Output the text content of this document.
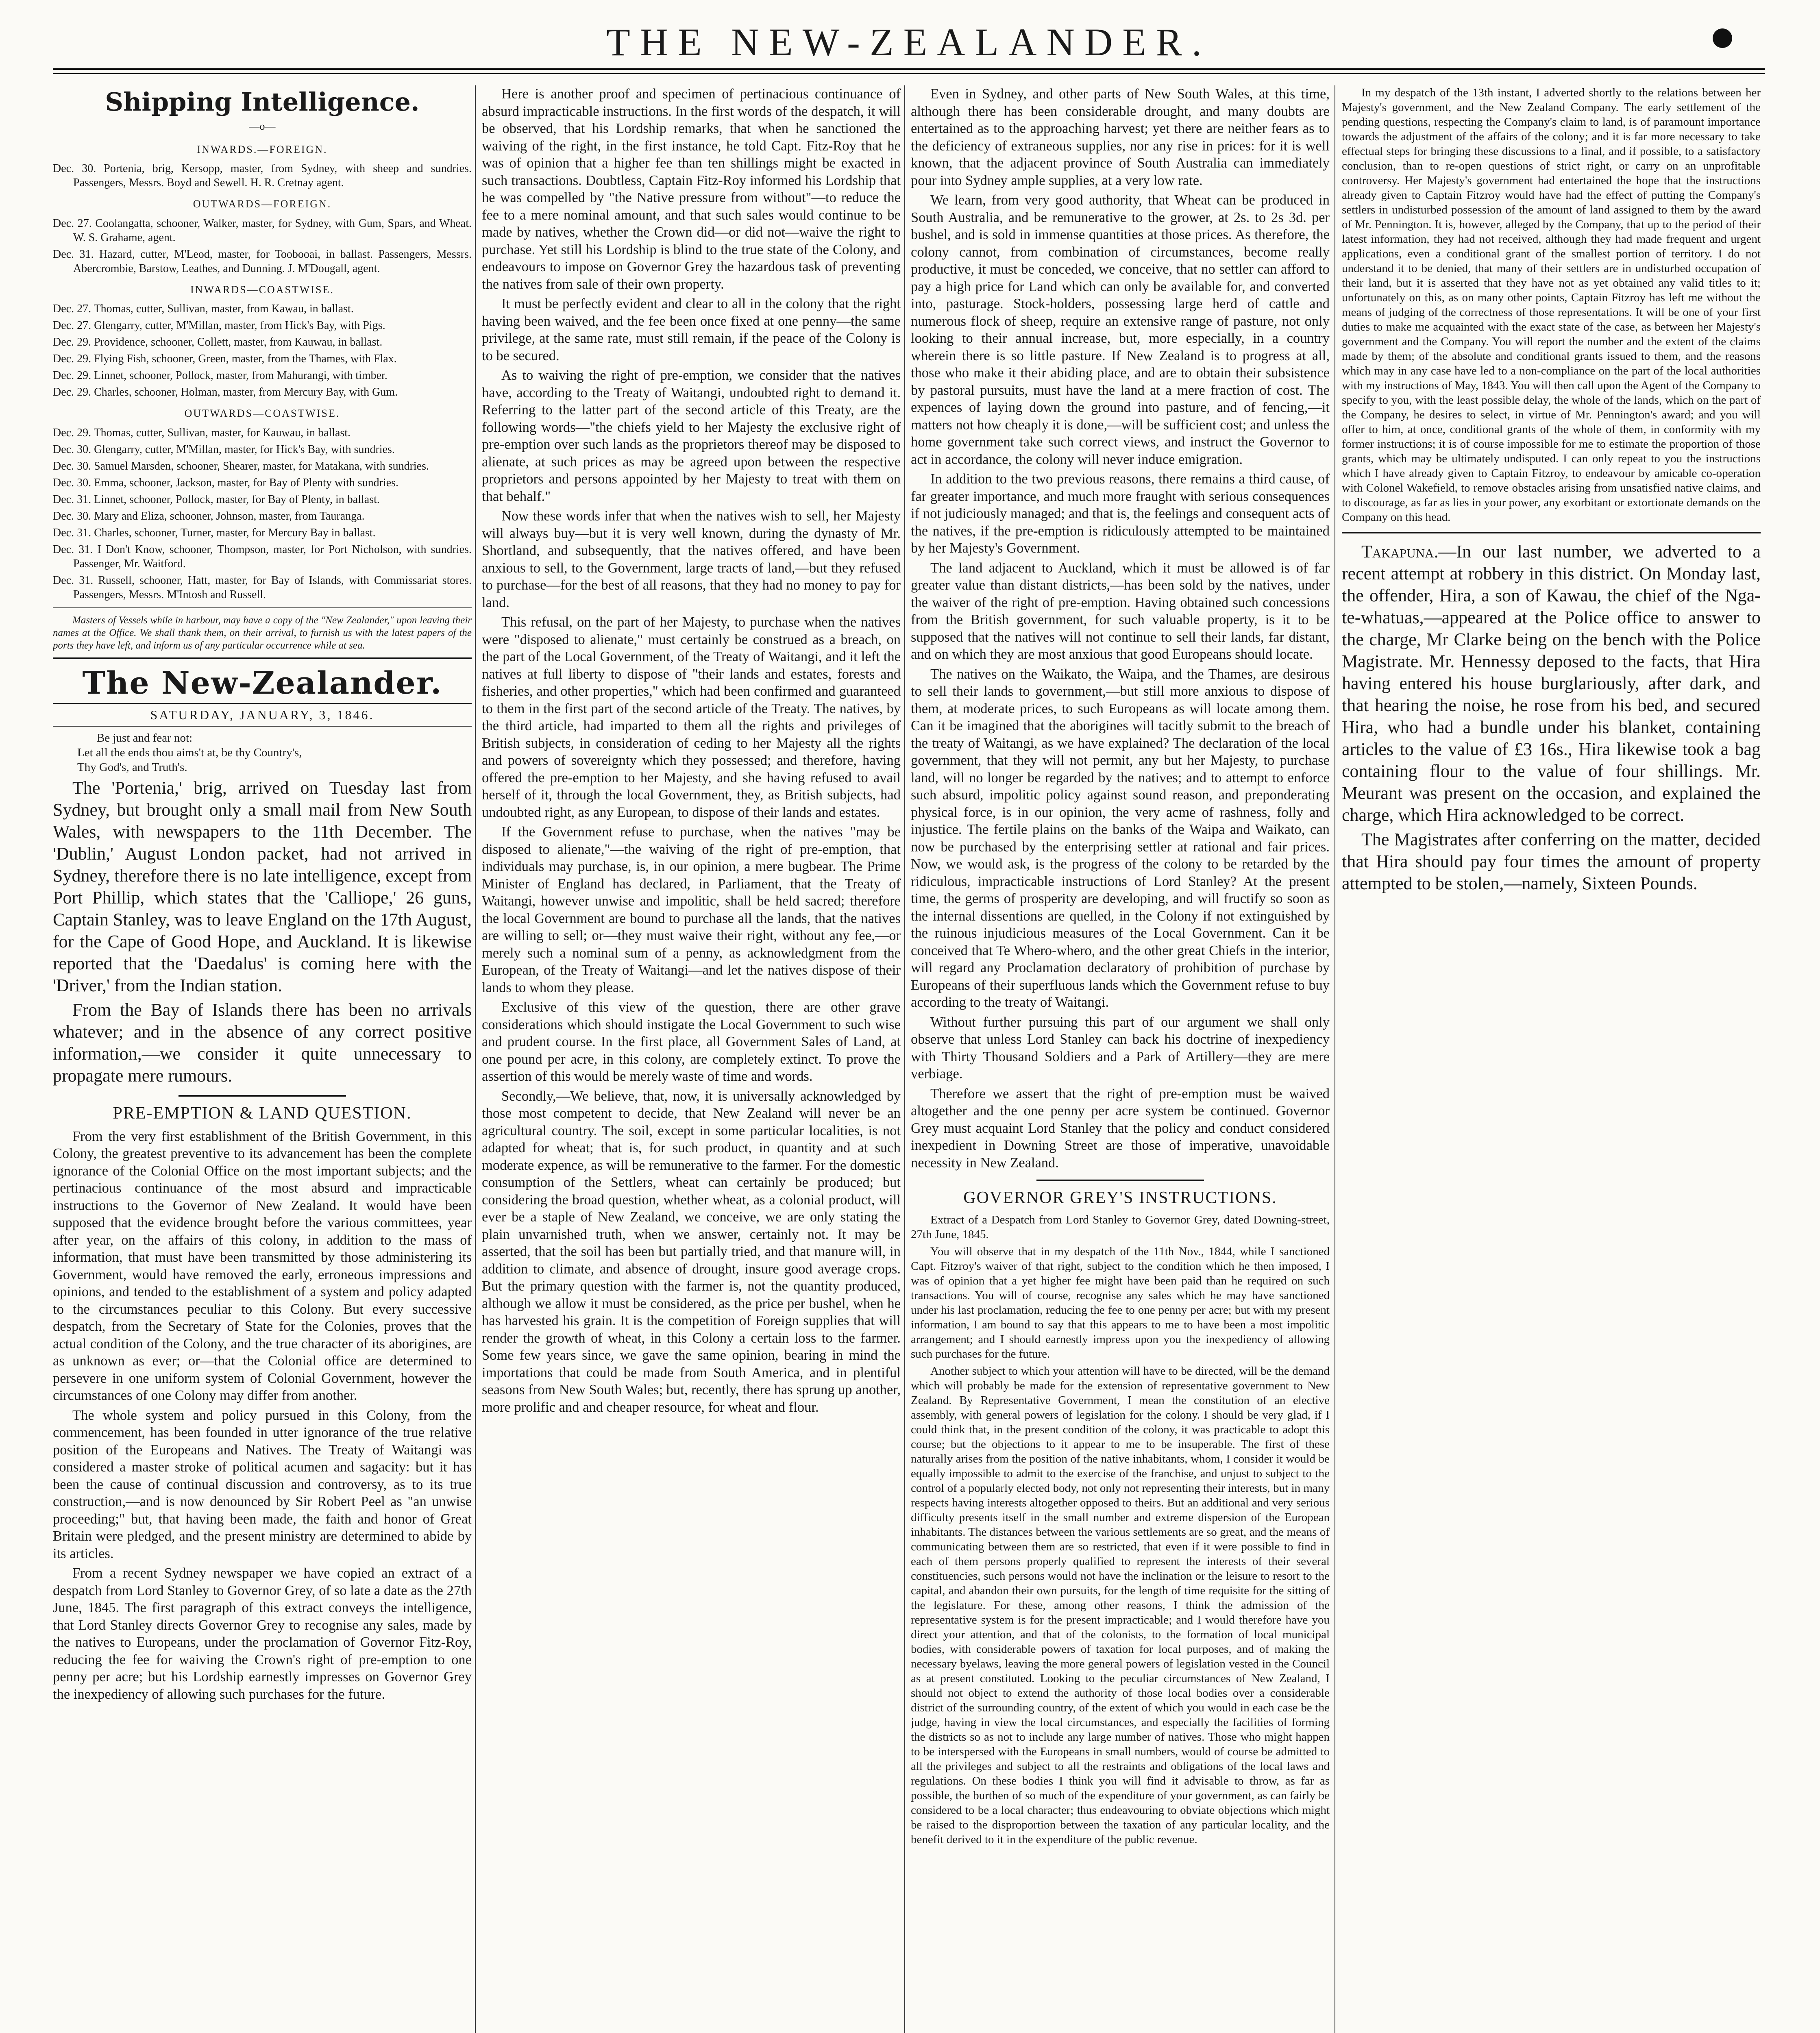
THE NEW-ZEALANDER.
Shipping Intelligence.
—o—
INWARDS.—FOREIGN.
Dec. 30. Portenia, brig, Kersopp, master, from Sydney, with sheep and sundries. Passengers, Messrs. Boyd and Sewell. H. R. Cretnay agent.
OUTWARDS—FOREIGN.
Dec. 27. Coolangatta, schooner, Walker, master, for Sydney, with Gum, Spars, and Wheat. W. S. Grahame, agent.
Dec. 31. Hazard, cutter, M'Leod, master, for Toobooai, in ballast. Passengers, Messrs. Abercrombie, Barstow, Leathes, and Dunning. J. M'Dougall, agent.
INWARDS—COASTWISE.
Dec. 27. Thomas, cutter, Sullivan, master, from Kawau, in ballast.
Dec. 27. Glengarry, cutter, M'Millan, master, from Hick's Bay, with Pigs.
Dec. 29. Providence, schooner, Collett, master, from Kauwau, in ballast.
Dec. 29. Flying Fish, schooner, Green, master, from the Thames, with Flax.
Dec. 29. Linnet, schooner, Pollock, master, from Mahurangi, with timber.
Dec. 29. Charles, schooner, Holman, master, from Mercury Bay, with Gum.
OUTWARDS—COASTWISE.
Dec. 29. Thomas, cutter, Sullivan, master, for Kauwau, in ballast.
Dec. 30. Glengarry, cutter, M'Millan, master, for Hick's Bay, with sundries.
Dec. 30. Samuel Marsden, schooner, Shearer, master, for Matakana, with sundries.
Dec. 30. Emma, schooner, Jackson, master, for Bay of Plenty with sundries.
Dec. 31. Linnet, schooner, Pollock, master, for Bay of Plenty, in ballast.
Dec. 30. Mary and Eliza, schooner, Johnson, master, from Tauranga.
Dec. 31. Charles, schooner, Turner, master, for Mercury Bay in ballast.
Dec. 31. I Don't Know, schooner, Thompson, master, for Port Nicholson, with sundries. Passenger, Mr. Waitford.
Dec. 31. Russell, schooner, Hatt, master, for Bay of Islands, with Commissariat stores. Passengers, Messrs. M'Intosh and Russell.

Masters of Vessels while in harbour, may have a copy of the "New Zealander," upon leaving their names at the Office. We shall thank them, on their arrival, to furnish us with the latest papers of the ports they have left, and inform us of any particular occurrence while at sea.

The New-Zealander.
SATURDAY, JANUARY, 3, 1846.

Be just and fear not:
Let all the ends thou aims't at, be thy Country's,
Thy God's, and Truth's.

The 'Portenia,' brig, arrived on Tuesday last from Sydney, but brought only a small mail from New South Wales, with newspapers to the 11th December. The 'Dublin,' August London packet, had not arrived in Sydney, therefore there is no late intelligence, except from Port Phillip, which states that the 'Calliope,' 26 guns, Captain Stanley, was to leave England on the 17th August, for the Cape of Good Hope, and Auckland. It is likewise reported that the 'Daedalus' is coming here with the 'Driver,' from the Indian station.

From the Bay of Islands there has been no arrivals whatever; and in the absence of any correct positive information,—we consider it quite unnecessary to propagate mere rumours.

PRE-EMPTION & LAND QUESTION.

From the very first establishment of the British Government, in this Colony, the greatest preventive to its advancement has been the complete ignorance of the Colonial Office on the most important subjects; and the pertinacious continuance of the most absurd and impracticable instructions to the Governor of New Zealand. It would have been supposed that the evidence brought before the various committees, year after year, on the affairs of this colony, in addition to the mass of information, that must have been transmitted by those administering its Government, would have removed the early, erroneous impressions and opinions, and tended to the establishment of a system and policy adapted to the circumstances peculiar to this Colony. But every successive despatch, from the Secretary of State for the Colonies, proves that the actual condition of the Colony, and the true character of its aborigines, are as unknown as ever; or—that the Colonial office are determined to persevere in one uniform system of Colonial Government, however the circumstances of one Colony may differ from another.

The whole system and policy pursued in this Colony, from the commencement, has been founded in utter ignorance of the true relative position of the Europeans and Natives. The Treaty of Waitangi was considered a master stroke of political acumen and sagacity: but it has been the cause of continual discussion and controversy, as to its true construction,—and is now denounced by Sir Robert Peel as "an unwise proceeding;" but, that having been made, the faith and honor of Great Britain were pledged, and the present ministry are determined to abide by its articles.

From a recent Sydney newspaper we have copied an extract of a despatch from Lord Stanley to Governor Grey, of so late a date as the 27th June, 1845. The first paragraph of this extract conveys the intelligence, that Lord Stanley directs Governor Grey to recognise any sales, made by the natives to Europeans, under the proclamation of Governor Fitz-Roy, reducing the fee for waiving the Crown's right of pre-emption to one penny per acre; but his Lordship earnestly impresses on Governor Grey the inexpediency of allowing such purchases for the future.

Here is another proof and specimen of pertinacious continuance of absurd impracticable instructions. In the first words of the despatch, it will be observed, that his Lordship remarks, that when he sanctioned the waiving of the right, in the first instance, he told Capt. Fitz-Roy that he was of opinion that a higher fee than ten shillings might be exacted in such transactions. Doubtless, Captain Fitz-Roy informed his Lordship that he was compelled by "the Native pressure from without"—to reduce the fee to a mere nominal amount, and that such sales would continue to be made by natives, whether the Crown did—or did not—waive the right to purchase. Yet still his Lordship is blind to the true state of the Colony, and endeavours to impose on Governor Grey the hazardous task of preventing the natives from sale of their own property.

It must be perfectly evident and clear to all in the colony that the right having been waived, and the fee been once fixed at one penny—the same privilege, at the same rate, must still remain, if the peace of the Colony is to be secured.

As to waiving the right of pre-emption, we consider that the natives have, according to the Treaty of Waitangi, undoubted right to demand it. Referring to the latter part of the second article of this Treaty, are the following words—"the chiefs yield to her Majesty the exclusive right of pre-emption over such lands as the proprietors thereof may be disposed to alienate, at such prices as may be agreed upon between the respective proprietors and persons appointed by her Majesty to treat with them on that behalf."

Now these words infer that when the natives wish to sell, her Majesty will always buy—but it is very well known, during the dynasty of Mr. Shortland, and subsequently, that the natives offered, and have been anxious to sell, to the Government, large tracts of land,—but they refused to purchase—for the best of all reasons, that they had no money to pay for land.

This refusal, on the part of her Majesty, to purchase when the natives were "disposed to alienate," must certainly be construed as a breach, on the part of the Local Government, of the Treaty of Waitangi, and it left the natives at full liberty to dispose of "their lands and estates, forests and fisheries, and other properties," which had been confirmed and guaranteed to them in the first part of the second article of the Treaty. The natives, by the third article, had imparted to them all the rights and privileges of British subjects, in consideration of ceding to her Majesty all the rights and powers of sovereignty which they possessed; and therefore, having offered the pre-emption to her Majesty, and she having refused to avail herself of it, through the local Government, they, as British subjects, had undoubted right, as any European, to dispose of their lands and estates.

If the Government refuse to purchase, when the natives "may be disposed to alienate,"—the waiving of the right of pre-emption, that individuals may purchase, is, in our opinion, a mere bugbear. The Prime Minister of England has declared, in Parliament, that the Treaty of Waitangi, however unwise and impolitic, shall be held sacred; therefore the local Government are bound to purchase all the lands, that the natives are willing to sell; or—they must waive their right, without any fee,—or merely such a nominal sum of a penny, as acknowledgment from the European, of the Treaty of Waitangi—and let the natives dispose of their lands to whom they please.

Exclusive of this view of the question, there are other grave considerations which should instigate the Local Government to such wise and prudent course. In the first place, all Government Sales of Land, at one pound per acre, in this colony, are completely extinct. To prove the assertion of this would be merely waste of time and words.

Secondly,—We believe, that, now, it is universally acknowledged by those most competent to decide, that New Zealand will never be an agricultural country. The soil, except in some particular localities, is not adapted for wheat; that is, for such product, in quantity and at such moderate expence, as will be remunerative to the farmer. For the domestic consumption of the Settlers, wheat can certainly be produced; but considering the broad question, whether wheat, as a colonial product, will ever be a staple of New Zealand, we conceive, we are only stating the plain unvarnished truth, when we answer, certainly not. It may be asserted, that the soil has been but partially tried, and that manure will, in addition to climate, and absence of drought, insure good average crops. But the primary question with the farmer is, not the quantity produced, although we allow it must be considered, as the price per bushel, when he has harvested his grain. It is the competition of Foreign supplies that will render the growth of wheat, in this Colony a certain loss to the farmer. Some few years since, we gave the same opinion, bearing in mind the importations that could be made from South America, and in plentiful seasons from New South Wales; but, recently, there has sprung up another, more prolific and and cheaper resource, for wheat and flour.

Even in Sydney, and other parts of New South Wales, at this time, although there has been considerable drought, and many doubts are entertained as to the approaching harvest; yet there are neither fears as to the deficiency of extraneous supplies, nor any rise in prices: for it is well known, that the adjacent province of South Australia can immediately pour into Sydney ample supplies, at a very low rate.

We learn, from very good authority, that Wheat can be produced in South Australia, and be remunerative to the grower, at 2s. to 2s 3d. per bushel, and is sold in immense quantities at those prices. As therefore, the colony cannot, from combination of circumstances, become really productive, it must be conceded, we conceive, that no settler can afford to pay a high price for Land which can only be available for, and converted into, pasturage. Stock-holders, possessing large herd of cattle and numerous flock of sheep, require an extensive range of pasture, not only looking to their annual increase, but, more especially, in a country wherein there is so little pasture. If New Zealand is to progress at all, those who make it their abiding place, and are to obtain their subsistence by pastoral pursuits, must have the land at a mere fraction of cost. The expences of laying down the ground into pasture, and of fencing,—it matters not how cheaply it is done,—will be sufficient cost; and unless the home government take such correct views, and instruct the Governor to act in accordance, the colony will never induce emigration.

In addition to the two previous reasons, there remains a third cause, of far greater importance, and much more fraught with serious consequences if not judiciously managed; and that is, the feelings and consequent acts of the natives, if the pre-emption is ridiculously attempted to be maintained by her Majesty's Government.

The land adjacent to Auckland, which it must be allowed is of far greater value than distant districts,—has been sold by the natives, under the waiver of the right of pre-emption. Having obtained such concessions from the British government, for such valuable property, is it to be supposed that the natives will not continue to sell their lands, far distant, and on which they are most anxious that good Europeans should locate.

The natives on the Waikato, the Waipa, and the Thames, are desirous to sell their lands to government,—but still more anxious to dispose of them, at moderate prices, to such Europeans as will locate among them. Can it be imagined that the aborigines will tacitly submit to the breach of the treaty of Waitangi, as we have explained? The declaration of the local government, that they will not permit, any but her Majesty, to purchase land, will no longer be regarded by the natives; and to attempt to enforce such absurd, impolitic policy against sound reason, and preponderating physical force, is in our opinion, the very acme of rashness, folly and injustice. The fertile plains on the banks of the Waipa and Waikato, can now be purchased by the enterprising settler at rational and fair prices. Now, we would ask, is the progress of the colony to be retarded by the ridiculous, impracticable instructions of Lord Stanley? At the present time, the germs of prosperity are developing, and will fructify so soon as the internal dissentions are quelled, in the Colony if not extinguished by the ruinous injudicious measures of the Local Government. Can it be conceived that Te Whero-whero, and the other great Chiefs in the interior, will regard any Proclamation declaratory of prohibition of purchase by Europeans of their superfluous lands which the Government refuse to buy according to the treaty of Waitangi.

Without further pursuing this part of our argument we shall only observe that unless Lord Stanley can back his doctrine of inexpediency with Thirty Thousand Soldiers and a Park of Artillery—they are mere verbiage.

Therefore we assert that the right of pre-emption must be waived altogether and the one penny per acre system be continued. Governor Grey must acquaint Lord Stanley that the policy and conduct considered inexpedient in Downing Street are those of imperative, unavoidable necessity in New Zealand.

GOVERNOR GREY'S INSTRUCTIONS.

Extract of a Despatch from Lord Stanley to Governor Grey, dated Downing-street, 27th June, 1845.

You will observe that in my despatch of the 11th Nov., 1844, while I sanctioned Capt. Fitzroy's waiver of that right, subject to the condition which he then imposed, I was of opinion that a yet higher fee might have been paid than he required on such transactions. You will of course, recognise any sales which he may have sanctioned under his last proclamation, reducing the fee to one penny per acre; but with my present information, I am bound to say that this appears to me to have been a most impolitic arrangement; and I should earnestly impress upon you the inexpediency of allowing such purchases for the future.

Another subject to which your attention will have to be directed, will be the demand which will probably be made for the extension of representative government to New Zealand. By Representative Government, I mean the constitution of an elective assembly, with general powers of legislation for the colony. I should be very glad, if I could think that, in the present condition of the colony, it was practicable to adopt this course; but the objections to it appear to me to be insuperable. The first of these naturally arises from the position of the native inhabitants, whom, I consider it would be equally impossible to admit to the exercise of the franchise, and unjust to subject to the control of a popularly elected body, not only not representing their interests, but in many respects having interests altogether opposed to theirs. But an additional and very serious difficulty presents itself in the small number and extreme dispersion of the European inhabitants. The distances between the various settlements are so great, and the means of communicating between them are so restricted, that even if it were possible to find in each of them persons properly qualified to represent the interests of their several constituencies, such persons would not have the inclination or the leisure to resort to the capital, and abandon their own pursuits, for the length of time requisite for the sitting of the legislature. For these, among other reasons, I think the admission of the representative system is for the present impracticable; and I would therefore have you direct your attention, and that of the colonists, to the formation of local municipal bodies, with considerable powers of taxation for local purposes, and of making the necessary byelaws, leaving the more general powers of legislation vested in the Council as at present constituted. Looking to the peculiar circumstances of New Zealand, I should not object to extend the authority of those local bodies over a considerable district of the surrounding country, of the extent of which you would in each case be the judge, having in view the local circumstances, and especially the facilities of forming the districts so as not to include any large number of natives. Those who might happen to be interspersed with the Europeans in small numbers, would of course be admitted to all the privileges and subject to all the restraints and obligations of the local laws and regulations. On these bodies I think you will find it advisable to throw, as far as possible, the burthen of so much of the expenditure of your government, as can fairly be considered to be a local character; thus endeavouring to obviate objections which might be raised to the disproportion between the taxation of any particular locality, and the benefit derived to it in the expenditure of the public revenue.

In my despatch of the 13th instant, I adverted shortly to the relations between her Majesty's government, and the New Zealand Company. The early settlement of the pending questions, respecting the Company's claim to land, is of paramount importance towards the adjustment of the affairs of the colony; and it is far more necessary to take effectual steps for bringing these discussions to a final, and if possible, to a satisfactory conclusion, than to re-open questions of strict right, or carry on an unprofitable controversy. Her Majesty's government had entertained the hope that the instructions already given to Captain Fitzroy would have had the effect of putting the Company's settlers in undisturbed possession of the amount of land assigned to them by the award of Mr. Pennington. It is, however, alleged by the Company, that up to the period of their latest information, they had not received, although they had made frequent and urgent applications, even a conditional grant of the smallest portion of territory. I do not understand it to be denied, that many of their settlers are in undisturbed occupation of their land, but it is asserted that they have not as yet obtained any valid titles to it; unfortunately on this, as on many other points, Captain Fitzroy has left me without the means of judging of the correctness of those representations. It will be one of your first duties to make me acquainted with the exact state of the case, as between her Majesty's government and the Company. You will report the number and the extent of the claims made by them; of the absolute and conditional grants issued to them, and the reasons which may in any case have led to a non-compliance on the part of the local authorities with my instructions of May, 1843. You will then call upon the Agent of the Company to specify to you, with the least possible delay, the whole of the lands, which on the part of the Company, he desires to select, in virtue of Mr. Pennington's award; and you will offer to him, at once, conditional grants of the whole of them, in conformity with my former instructions; it is of course impossible for me to estimate the proportion of those grants, which may be ultimately undisputed. I can only repeat to you the instructions which I have already given to Captain Fitzroy, to endeavour by amicable co-operation with Colonel Wakefield, to remove obstacles arising from unsatisfied native claims, and to discourage, as far as lies in your power, any exorbitant or extortionate demands on the Company on this head.

Takapuna.—In our last number, we adverted to a recent attempt at robbery in this district. On Monday last, the offender, Hira, a son of Kawau, the chief of the Nga-te-whatuas,—appeared at the Police office to answer to the charge, Mr Clarke being on the bench with the Police Magistrate. Mr. Hennessy deposed to the facts, that Hira having entered his house burglariously, after dark, and that hearing the noise, he rose from his bed, and secured Hira, who had a bundle under his blanket, containing articles to the value of £3 16s., Hira likewise took a bag containing flour to the value of four shillings. Mr. Meurant was present on the occasion, and explained the charge, which Hira acknowledged to be correct.

The Magistrates after conferring on the matter, decided that Hira should pay four times the amount of property attempted to be stolen,—namely, Sixteen Pounds.
